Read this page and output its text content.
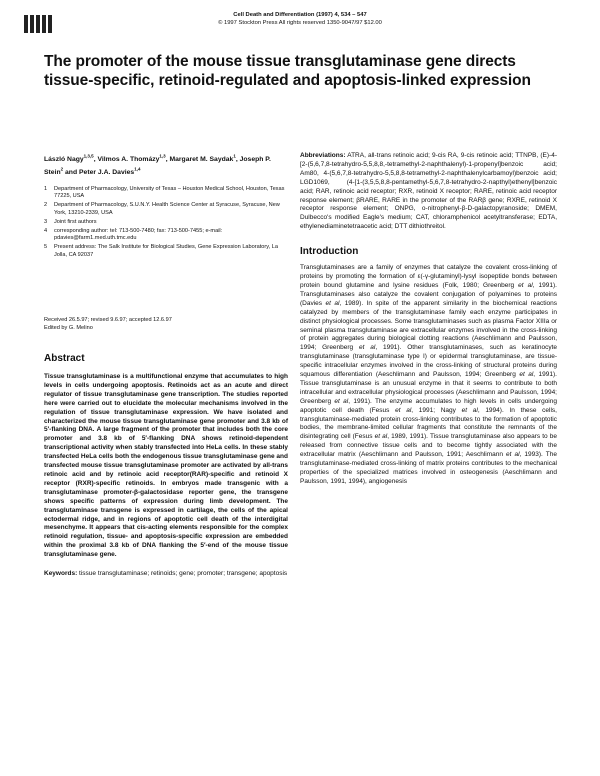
Cell Death and Differentiation (1997) 4, 534 – 547
© 1997 Stockton Press All rights reserved 1350-9047/97 $12.00
The promoter of the mouse tissue transglutaminase gene directs tissue-specific, retinoid-regulated and apoptosis-linked expression
László Nagy$^{1,3,5}$, Vilmos A. Thomázy$^{1,3}$, Margaret M. Saydak$^1$, Joseph P. Stein$^2$ and Peter J.A. Davies$^{1,4}$
1	Department of Pharmacology, University of Texas – Houston Medical School, Houston, Texas 77225, USA
2	Department of Pharmacology, S.U.N.Y. Health Science Center at Syracuse, Syracuse, New York, 13210-2339, USA
3	Joint first authors
4	corresponding author: tel: 713-500-7480; fax: 713-500-7455; e-mail: pdavies@farm1.med.uth.tmc.edu
5	Present address: The Salk Institute for Biological Studies, Gene Expression Laboratory, La Jolla, CA 92037
Received 26.5.97; revised 9.6.97; accepted 12.6.97
Edited by G. Melino
Abstract
Tissue transglutaminase is a multifunctional enzyme that accumulates to high levels in cells undergoing apoptosis. Retinoids act as an acute and direct regulator of tissue transglutaminase gene transcription. The studies reported here were carried out to elucidate the molecular mechanisms involved in the regulation of tissue transglutaminase expression. We have isolated and characterized the mouse tissue transglutaminase gene promoter and 3.8 kb of 5′-flanking DNA. A large fragment of the promoter that includes both the core promoter and 3.8 kb of 5′-flanking DNA shows retinoid-dependent transcriptional activity when stably transfected into HeLa cells. In these stably transfected HeLa cells both the endogenous tissue transglutaminase gene and transfected mouse tissue transglutaminase promoter are activated by all-trans retinoic acid and by retinoic acid receptor(RAR)-specific and retinoid X receptor (RXR)-specific retinoids. In embryos made transgenic with a transglutaminase promoter-β-galactosidase reporter gene, the transgene shows specific patterns of expression during limb development. The transglutaminase transgene is expressed in cartilage, the cells of the apical ectodermal ridge, and in regions of apoptotic cell death of the interdigital mesenchyme. It appears that cis-acting elements responsible for the complex retinoid regulation, tissue- and apoptosis-specific expression are embedded within the proximal 3.8 kb of DNA flanking the 5′-end of the mouse tissue transglutaminase gene.
Keywords: tissue transglutaminase; retinoids; gene; promoter; transgene; apoptosis
Abbreviations: ATRA, all-trans retinoic acid; 9-cis RA, 9-cis retinoic acid; TTNPB, (E)-4-[2-(5,6,7,8-tetrahydro-5,5,8,8,-tetramethyl-2-naphthalenyl)-1-propenyl]benzoic acid; Am80, 4-(5,6,7,8-tetrahydro-5,5,8,8-tetramethyl-2-naphthalenylcarbamoyl)benzoic acid; LGD1069, (4-[1-(3,5,5,8,8-pentamethyl-5,6,7,8-tetrahydro-2-napthyl)ethenyl]benzoic acid; RAR, retinoic acid receptor; RXR, retinoid X receptor; RARE, retinoic acid receptor response element; βRARE, RARE in the promoter of the RARβ gene; RXRE, retinoid X receptor response element; ONPG, o-nitrophenyl-β-D-galactopyranoside; DMEM, Dulbecco's modified Eagle's medium; CAT, chloramphenicol acetyltransferase; EDTA, ethylenediaminetetraacetic acid; DTT dithiothreitol.
Introduction
Transglutaminases are a family of enzymes that catalyze the covalent cross-linking of proteins by promoting the formation of ε(-γ-glutaminyl)-lysyl isopeptide bonds between protein bound glutamine and lysine residues (Folk, 1980; Greenberg et al, 1991). Transglutaminases also catalyze the covalent conjugation of polyamines to proteins (Davies et al, 1989). In spite of the apparent similarity in the biochemical reactions catalyzed by members of the transglutaminase family each enzyme participates in distinct physiological processes. Some transglutaminases such as plasma Factor XIIIa or seminal plasma transglutaminase are extracellular enzymes involved in the cross-linking of protein aggregates during biological clotting reactions (Aeschlimann and Paulsson, 1994; Greenberg et al, 1991). Other transglutaminases, such as keratinocyte transglutaminase (transglutaminase type I) or epidermal transglutaminase, are tissue-specific intracellular enzymes involved in the cross-linking of structural proteins during squamous differentiation (Aeschlimann and Paulsson, 1994; Greenberg et al, 1991). Tissue transglutaminase is an unusual enzyme in that it seems to contribute to both intracellular and extracellular physiological processes (Aeschlimann and Paulsson, 1994; Greenberg et al, 1991). The enzyme accumulates to high levels in cells undergoing apoptotic cell death (Fesus et al, 1991; Nagy et al, 1994). In these cells, transglutaminase-mediated protein cross-linking contributes to the formation of apoptotic bodies, the membrane-limited cellular fragments that constitute the remnants of the disintegrating cell (Fesus et al, 1989, 1991). Tissue transglutaminase also appears to be released from connective tissue cells and to become tightly associated with the extracellular matrix (Aeschlimann and Paulsson, 1991; Aeschlimann et al, 1993). The transglutaminase-mediated cross-linking of matrix proteins contributes to the mechanical properties of the specialized matrices involved in osteogenesis (Aeschlimann and Paulsson, 1991, 1994), angiogenesis
